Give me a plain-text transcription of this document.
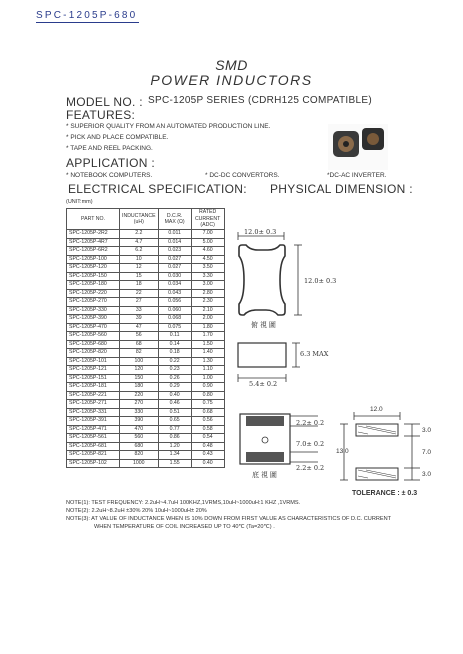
SPC-1205P-680
SMD
POWER INDUCTORS
MODEL NO. : SPC-1205P SERIES (CDRH125 COMPATIBLE)
FEATURES:
* SUPERIOR QUALITY FROM AN AUTOMATED PRODUCTION LINE.
* PICK AND PLACE COMPATIBLE.
* TAPE AND REEL PACKING.
APPLICATION :
* NOTEBOOK COMPUTERS.	* DC-DC CONVERTORS.	*DC-AC INVERTER.
ELECTRICAL SPECIFICATION: PHYSICAL DIMENSION :
(UNIT:mm)
PART NO.	INDUCTANCE (uH)	D.C.R. MAX (Ω)	RATED CURRENT (ADC)
SPC-1205P-2R2	2.2	0.011	7.00
SPC-1205P-4R7	4.7	0.014	5.00
SPC-1205P-6R2	6.2	0.023	4.60
SPC-1205P-100	10	0.027	4.50
SPC-1205P-120	12	0.027	3.50
SPC-1205P-150	15	0.030	3.30
SPC-1205P-180	18	0.034	3.00
SPC-1205P-220	22	0.043	2.80
SPC-1205P-270	27	0.056	2.30
SPC-1205P-330	33	0.060	2.10
SPC-1205P-390	39	0.068	2.00
SPC-1205P-470	47	0.075	1.80
SPC-1205P-560	56	0.11	1.70
SPC-1205P-680	68	0.14	1.50
SPC-1205P-820	82	0.18	1.40
SPC-1205P-101	100	0.22	1.30
SPC-1205P-121	120	0.23	1.10
SPC-1205P-151	150	0.26	1.00
SPC-1205P-181	180	0.29	0.90
SPC-1205P-221	220	0.40	0.80
SPC-1205P-271	270	0.46	0.75
SPC-1205P-331	330	0.51	0.68
SPC-1205P-391	390	0.65	0.56
SPC-1205P-471	470	0.77	0.58
SPC-1205P-561	560	0.86	0.54
SPC-1205P-681	680	1.20	0.48
SPC-1205P-821	820	1.34	0.43
SPC-1205P-102	1000	1.55	0.40
12.0± 0.3
12.0± 0.3
俯 視 圖
6.3 MAX
5.4± 0.2
2.2± 0.2
7.0± 0.2
2.2± 0.2
底 視 圖
12.0
13.0
3.0
7.0
3.0
TOLERANCE : ± 0.3
NOTE(1): TEST FREQUENCY: 2.2uH~4.7uH 100KHZ,1VRMS,10uH~1000uH:1 KHZ ,1VRMS.
NOTE(2): 2.2uH~8.2uH ±30% 20% 10uH~1000uH± 20%
NOTE(3): AT VALUE OF INDUCTANCE WHEN IS 10% DOWN FROM FIRST VALUE AS CHARACTERISTICS OF D.C. CURRENT
WHEN TEMPERATURE OF COIL INCREASED UP TO 40℃ (Ta=20℃) .
